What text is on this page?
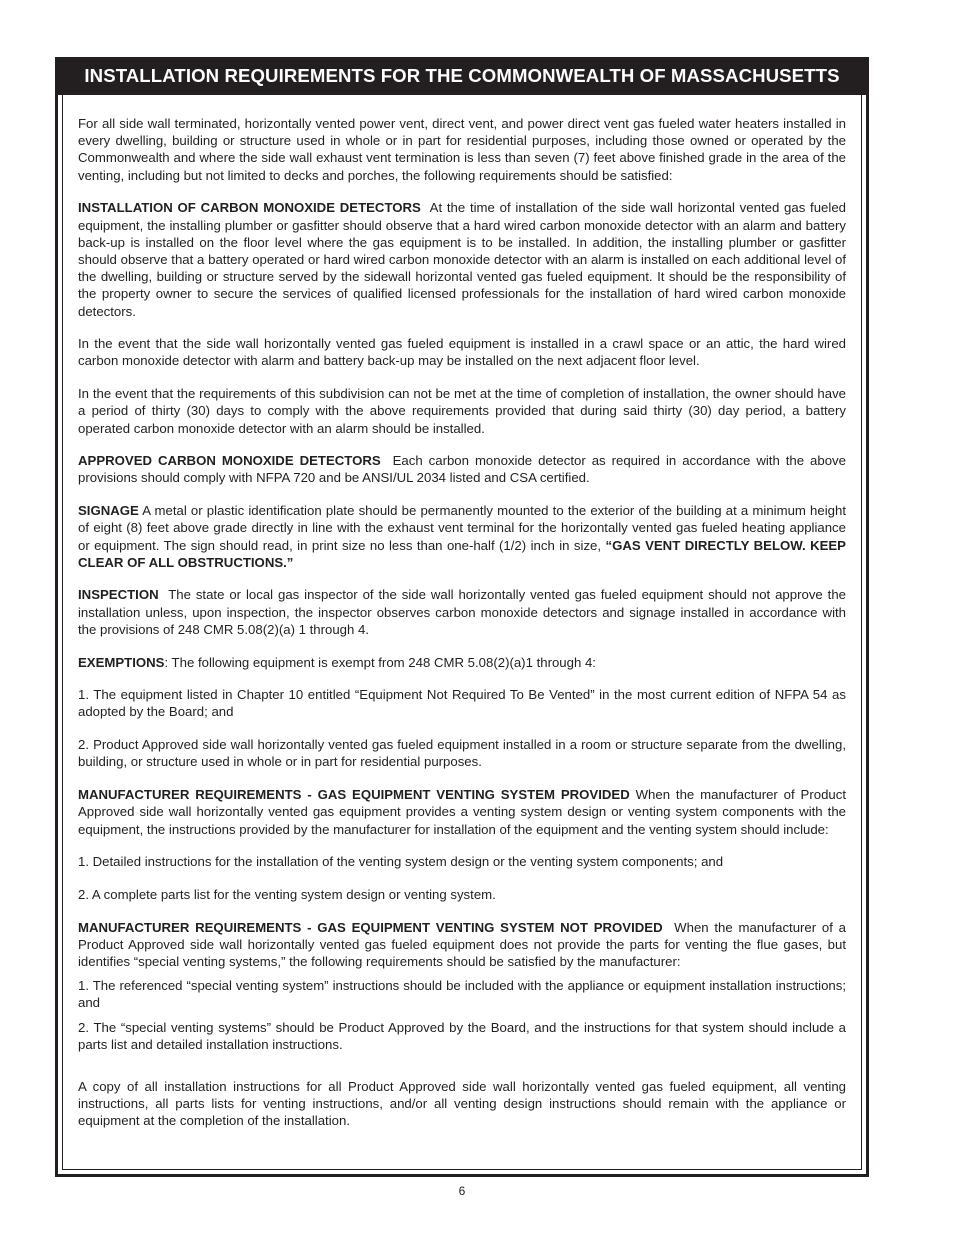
INSTALLATION REQUIREMENTS FOR THE COMMONWEALTH OF MASSACHUSETTS

For all side wall terminated, horizontally vented power vent, direct vent, and power direct vent gas fueled water heaters installed in every dwelling, building or structure used in whole or in part for residential purposes, including those owned or operated by the Commonwealth and where the side wall exhaust vent termination is less than seven (7) feet above finished grade in the area of the venting, including but not limited to decks and porches, the following requirements should be satisfied:

INSTALLATION OF CARBON MONOXIDE DETECTORS At the time of installation of the side wall horizontal vented gas fueled equipment, the installing plumber or gasfitter should observe that a hard wired carbon monoxide detector with an alarm and battery back-up is installed on the floor level where the gas equipment is to be installed. In addition, the installing plumber or gasfitter should observe that a battery operated or hard wired carbon monoxide detector with an alarm is installed on each additional level of the dwelling, building or structure served by the sidewall horizontal vented gas fueled equipment. It should be the responsibility of the property owner to secure the services of qualified licensed professionals for the installation of hard wired carbon monoxide detectors.

In the event that the side wall horizontally vented gas fueled equipment is installed in a crawl space or an attic, the hard wired carbon monoxide detector with alarm and battery back-up may be installed on the next adjacent floor level.

In the event that the requirements of this subdivision can not be met at the time of completion of installation, the owner should have a period of thirty (30) days to comply with the above requirements provided that during said thirty (30) day period, a battery operated carbon monoxide detector with an alarm should be installed.

APPROVED CARBON MONOXIDE DETECTORS Each carbon monoxide detector as required in accordance with the above provisions should comply with NFPA 720 and be ANSI/UL 2034 listed and CSA certified.

SIGNAGE A metal or plastic identification plate should be permanently mounted to the exterior of the building at a minimum height of eight (8) feet above grade directly in line with the exhaust vent terminal for the horizontally vented gas fueled heating appliance or equipment. The sign should read, in print size no less than one-half (1/2) inch in size, “GAS VENT DIRECTLY BELOW. KEEP CLEAR OF ALL OBSTRUCTIONS.”

INSPECTION The state or local gas inspector of the side wall horizontally vented gas fueled equipment should not approve the installation unless, upon inspection, the inspector observes carbon monoxide detectors and signage installed in accordance with the provisions of 248 CMR 5.08(2)(a) 1 through 4.

EXEMPTIONS: The following equipment is exempt from 248 CMR 5.08(2)(a)1 through 4:

1. The equipment listed in Chapter 10 entitled “Equipment Not Required To Be Vented” in the most current edition of NFPA 54 as adopted by the Board; and

2. Product Approved side wall horizontally vented gas fueled equipment installed in a room or structure separate from the dwelling, building, or structure used in whole or in part for residential purposes.

MANUFACTURER REQUIREMENTS - GAS EQUIPMENT VENTING SYSTEM PROVIDED When the manufacturer of Product Approved side wall horizontally vented gas equipment provides a venting system design or venting system components with the equipment, the instructions provided by the manufacturer for installation of the equipment and the venting system should include:

1. Detailed instructions for the installation of the venting system design or the venting system components; and

2. A complete parts list for the venting system design or venting system.

MANUFACTURER REQUIREMENTS - GAS EQUIPMENT VENTING SYSTEM NOT PROVIDED When the manufacturer of a Product Approved side wall horizontally vented gas fueled equipment does not provide the parts for venting the flue gases, but identifies “special venting systems,” the following requirements should be satisfied by the manufacturer:

1. The referenced “special venting system” instructions should be included with the appliance or equipment installation instructions; and

2. The “special venting systems” should be Product Approved by the Board, and the instructions for that system should include a parts list and detailed installation instructions.

A copy of all installation instructions for all Product Approved side wall horizontally vented gas fueled equipment, all venting instructions, all parts lists for venting instructions, and/or all venting design instructions should remain with the appliance or equipment at the completion of the installation.

6
